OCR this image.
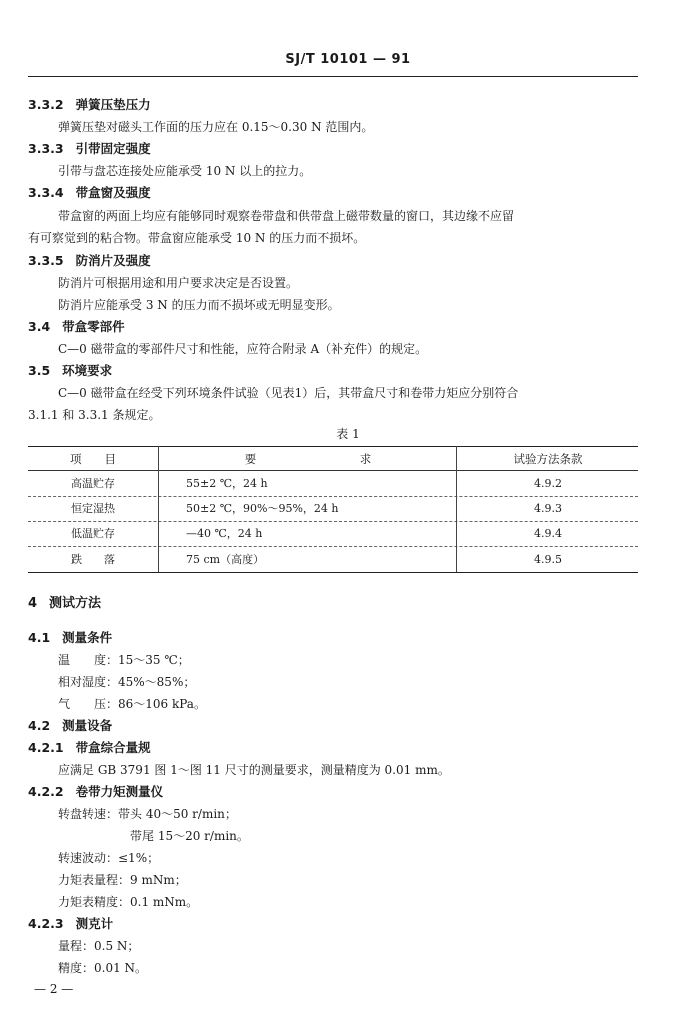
SJ/T 10101 — 91
3.3.2 弹簧压垫压力
弹簧压垫对磁头工作面的压力应在 0.15～0.30 N 范围内。
3.3.3 引带固定强度
引带与盘芯连接处应能承受 10 N 以上的拉力。
3.3.4 带盒窗及强度
带盒窗的两面上均应有能够同时观察卷带盘和供带盘上磁带数量的窗口，其边缘不应留
有可察觉到的粘合物。带盒窗应能承受 10 N 的压力而不损坏。
3.3.5 防消片及强度
防消片可根据用途和用户要求决定是否设置。
防消片应能承受 3 N 的压力而不损坏或无明显变形。
3.4 带盒零部件
C—0 磁带盒的零部件尺寸和性能，应符合附录 A（补充件）的规定。
3.5 环境要求
C—0 磁带盒在经受下列环境条件试验（见表1）后，其带盒尺寸和卷带力矩应分别符合
3.1.1 和 3.3.1 条规定。
表 1
项　　目	要　　　　　　　　　求	试验方法条款
高温贮存	55±2 ℃，24 h	4.9.2
恒定湿热	50±2 ℃，90%～95%，24 h	4.9.3
低温贮存	—40 ℃，24 h	4.9.4
跌　　落	75 cm（高度）	4.9.5
4 测试方法
4.1 测量条件
温　　度：15～35 ℃；
相对湿度：45%～85%；
气　　压：86～106 kPa。
4.2 测量设备
4.2.1 带盒综合量规
应满足 GB 3791 图 1～图 11 尺寸的测量要求，测量精度为 0.01 mm。
4.2.2 卷带力矩测量仪
转盘转速：带头 40～50 r/min；
带尾 15～20 r/min。
转速波动：≤1%；
力矩表量程：9 mNm；
力矩表精度：0.1 mNm。
4.2.3 测克计
量程：0.5 N；
精度：0.01 N。
— 2 —
